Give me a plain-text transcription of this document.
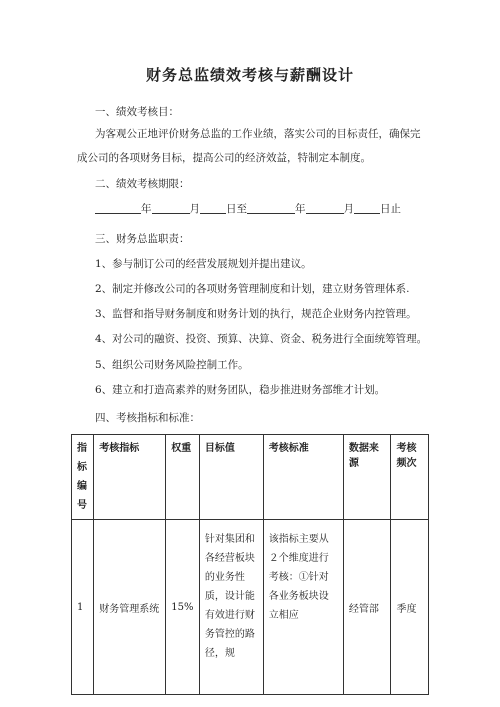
财务总监绩效考核与薪酬设计
一、绩效考核目：
为客观公正地评价财务总监的工作业绩，落实公司的目标责任，确保完成公司的各项财务目标，提高公司的经济效益，特制定本制度。
二、绩效考核期限：
年	月 日至	年	月 日止
三、财务总监职责：
1、参与制订公司的经营发展规划并提出建议。
2、制定并修改公司的各项财务管理制度和计划，建立财务管理体系.
3、监督和指导财务制度和财务计划的执行，规范企业财务内控管理。
4、对公司的融资、投资、预算、决算、资金、税务进行全面统筹管理。
5、组织公司财务风险控制工作。
6、建立和打造高素养的财务团队，稳步推进财务部维才计划。
四、考核指标和标准：
指标编号	考核指标	权重	目标值	考核标准	数据来源	考核频次
1	财务管理系统	15%	针对集团和各经营板块的业务性质，设计能有效进行财务管控的路径，规	该指标主要从２个维度进行考核：①针对各业务板块设立相应	经管部	季度
